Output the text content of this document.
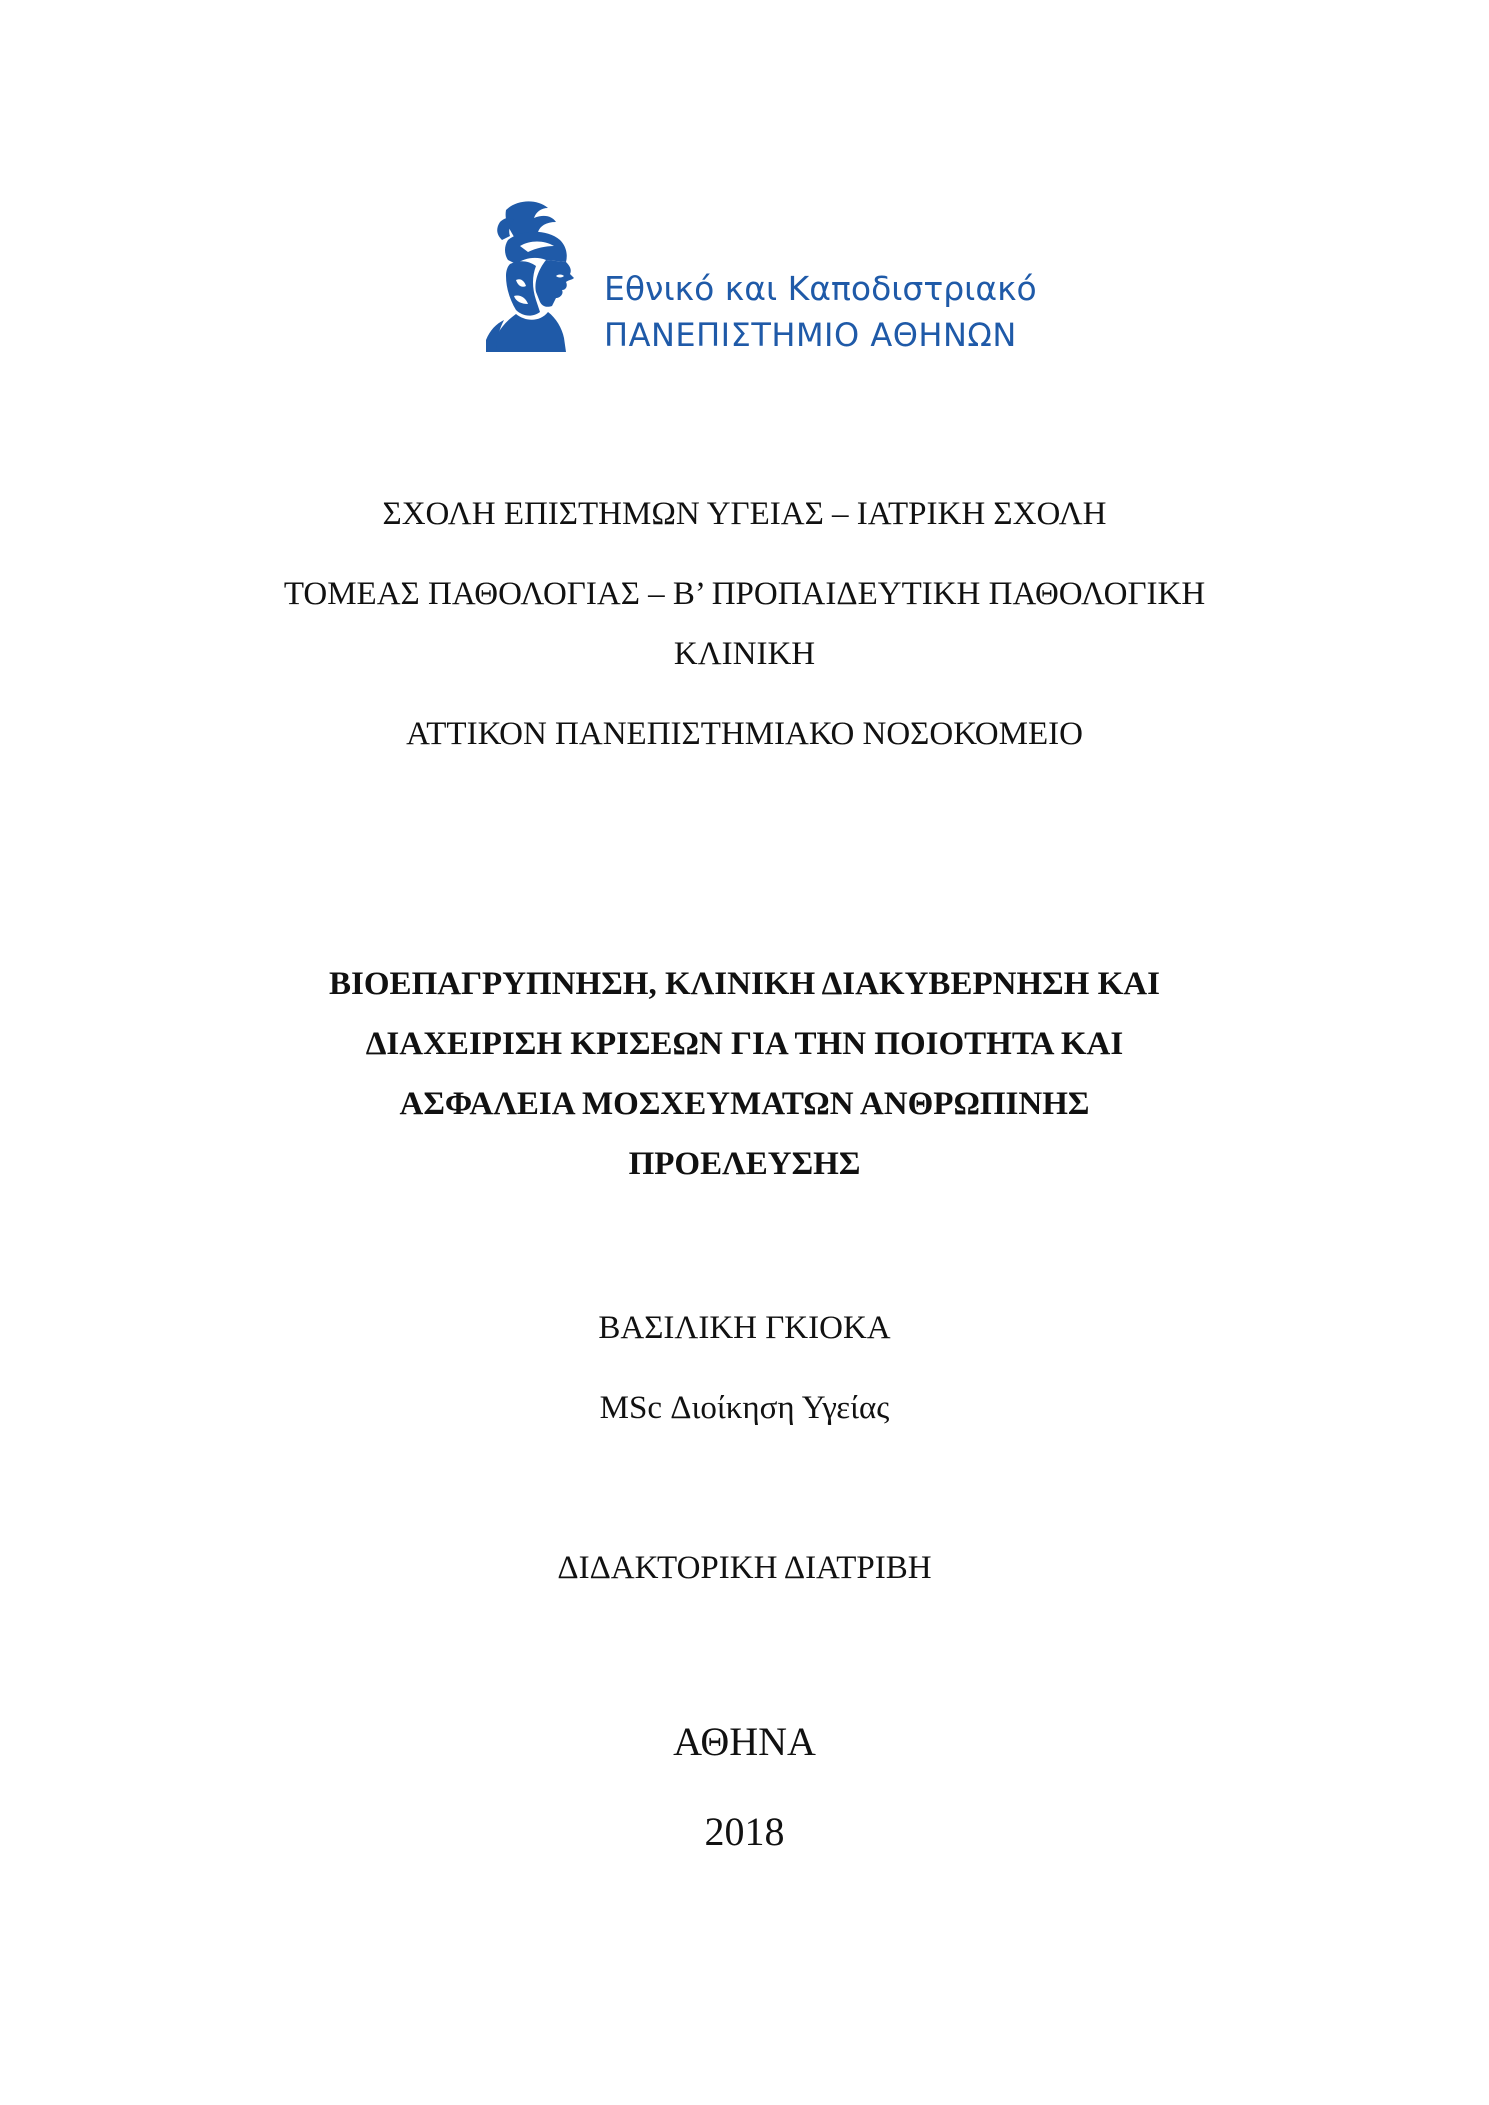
Εθνικό και Καποδιστριακό
ΠΑΝΕΠΙΣΤΗΜΙΟ ΑΘΗΝΩΝ
ΣΧΟΛΗ ΕΠΙΣΤΗΜΩΝ ΥΓΕΙΑΣ – ΙΑΤΡΙΚΗ ΣΧΟΛΗ
ΤΟΜΕΑΣ ΠΑΘΟΛΟΓΙΑΣ – Β’ ΠΡΟΠΑΙΔΕΥΤΙΚΗ ΠΑΘΟΛΟΓΙΚΗ
ΚΛΙΝΙΚΗ
ΑΤΤΙΚΟΝ ΠΑΝΕΠΙΣΤΗΜΙΑΚΟ ΝΟΣΟΚΟΜΕΙΟ
ΒΙΟΕΠΑΓΡΥΠΝΗΣΗ, ΚΛΙΝΙΚΗ ΔΙΑΚΥΒΕΡΝΗΣΗ ΚΑΙ
ΔΙΑΧΕΙΡΙΣΗ ΚΡΙΣΕΩΝ ΓΙΑ ΤΗΝ ΠΟΙΟΤΗΤΑ ΚΑΙ
ΑΣΦΑΛΕΙΑ ΜΟΣΧΕΥΜΑΤΩΝ ΑΝΘΡΩΠΙΝΗΣ
ΠΡΟΕΛΕΥΣΗΣ
ΒΑΣΙΛΙΚΗ ΓΚΙΟΚΑ
MSc Διοίκηση Υγείας
ΔΙΔΑΚΤΟΡΙΚΗ ΔΙΑΤΡΙΒΗ
ΑΘΗΝΑ
2018
